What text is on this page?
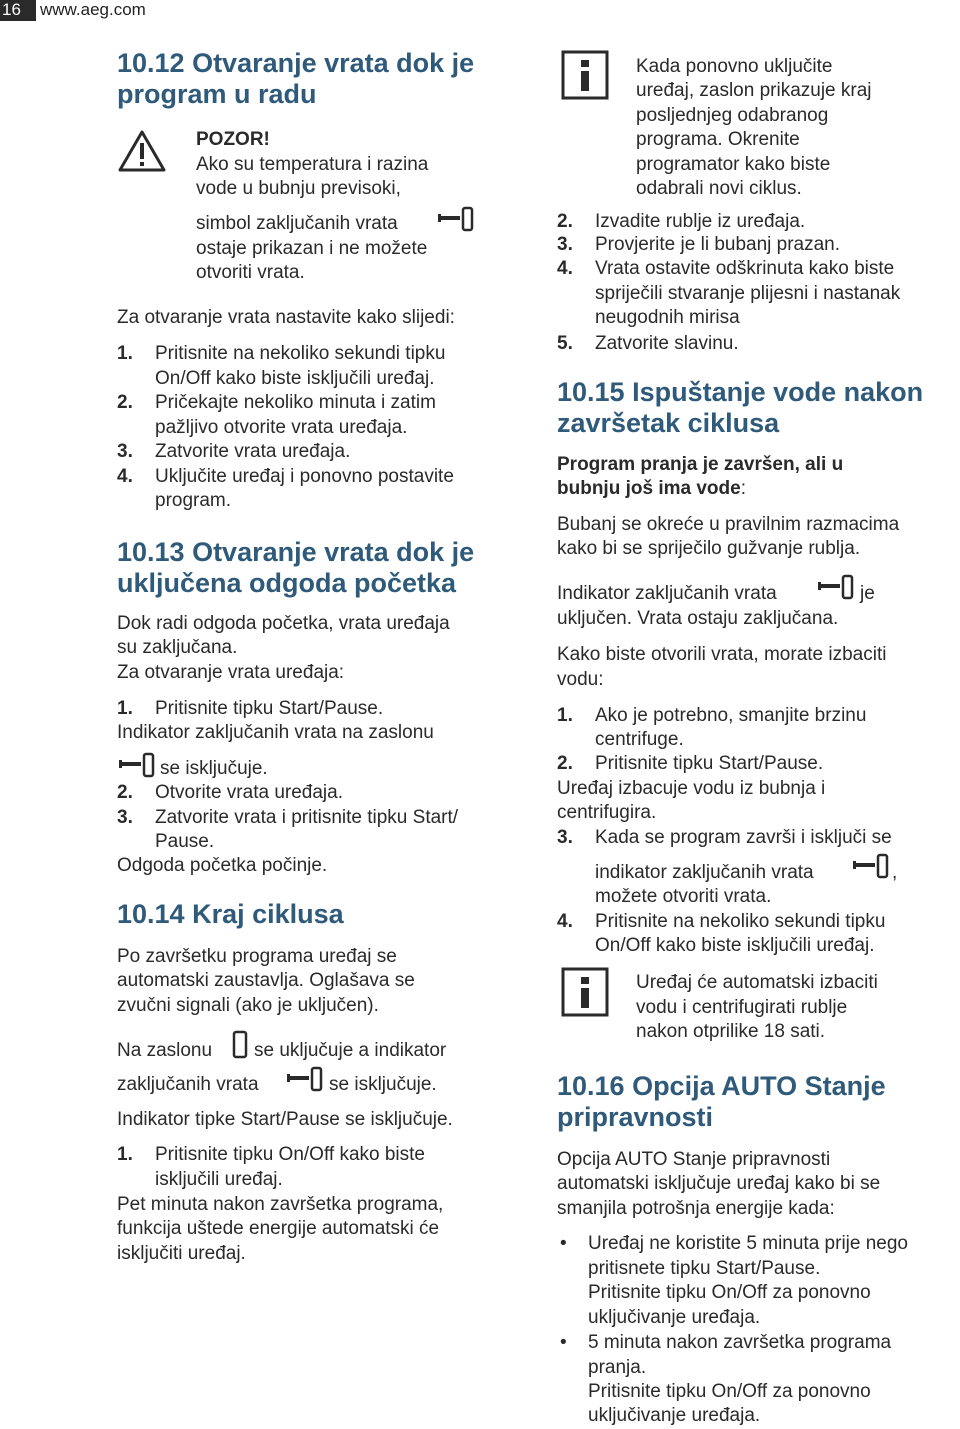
16	www.aeg.com
10.12 Otvaranje vrata dok je
program u radu
POZOR!
Ako su temperatura i razina
vode u bubnju previsoki,
simbol zaključanih vrata
ostaje prikazan i ne možete
otvoriti vrata.
Za otvaranje vrata nastavite kako slijedi:
1. Pritisnite na nekoliko sekundi tipku
On/Off kako biste isključili uređaj.
2. Pričekajte nekoliko minuta i zatim
pažljivo otvorite vrata uređaja.
3. Zatvorite vrata uređaja.
4. Uključite uređaj i ponovno postavite
program.
10.13 Otvaranje vrata dok je
uključena odgoda početka
Dok radi odgoda početka, vrata uređaja
su zaključana.
Za otvaranje vrata uređaja:
1. Pritisnite tipku Start/Pause.
Indikator zaključanih vrata na zaslonu
se isključuje.
2. Otvorite vrata uređaja.
3. Zatvorite vrata i pritisnite tipku Start/
Pause.
Odgoda početka počinje.
10.14 Kraj ciklusa
Po završetku programa uređaj se
automatski zaustavlja. Oglašava se
zvučni signali (ako je uključen).
Na zaslonu se uključuje a indikator
zaključanih vrata	se isključuje.
Indikator tipke Start/Pause se isključuje.
1. Pritisnite tipku On/Off kako biste
isključili uređaj.
Pet minuta nakon završetka programa,
funkcija uštede energije automatski će
isključiti uređaj.
Kada ponovno uključite
uređaj, zaslon prikazuje kraj
posljednjeg odabranog
programa. Okrenite
programator kako biste
odabrali novi ciklus.
2. Izvadite rublje iz uređaja.
3. Provjerite je li bubanj prazan.
4. Vrata ostavite odškrinuta kako biste
spriječili stvaranje plijesni i nastanak
neugodnih mirisa
5. Zatvorite slavinu.
10.15 Ispuštanje vode nakon
završetak ciklusa
Program pranja je završen, ali u
bubnju još ima vode:
Bubanj se okreće u pravilnim razmacima
kako bi se spriječilo gužvanje rublja.
Indikator zaključanih vrata	je
uključen. Vrata ostaju zaključana.
Kako biste otvorili vrata, morate izbaciti
vodu:
1. Ako je potrebno, smanjite brzinu
centrifuge.
2. Pritisnite tipku Start/Pause.
Uređaj izbacuje vodu iz bubnja i
centrifugira.
3. Kada se program završi i isključi se
indikator zaključanih vrata	,
možete otvoriti vrata.
4. Pritisnite na nekoliko sekundi tipku
On/Off kako biste isključili uređaj.
Uređaj će automatski izbaciti
vodu i centrifugirati rublje
nakon otprilike 18 sati.
10.16 Opcija AUTO Stanje
pripravnosti
Opcija AUTO Stanje pripravnosti
automatski isključuje uređaj kako bi se
smanjila potrošnja energije kada:
• Uređaj ne koristite 5 minuta prije nego
pritisnete tipku Start/Pause.
Pritisnite tipku On/Off za ponovno
uključivanje uređaja.
• 5 minuta nakon završetka programa
pranja.
Pritisnite tipku On/Off za ponovno
uključivanje uređaja.
